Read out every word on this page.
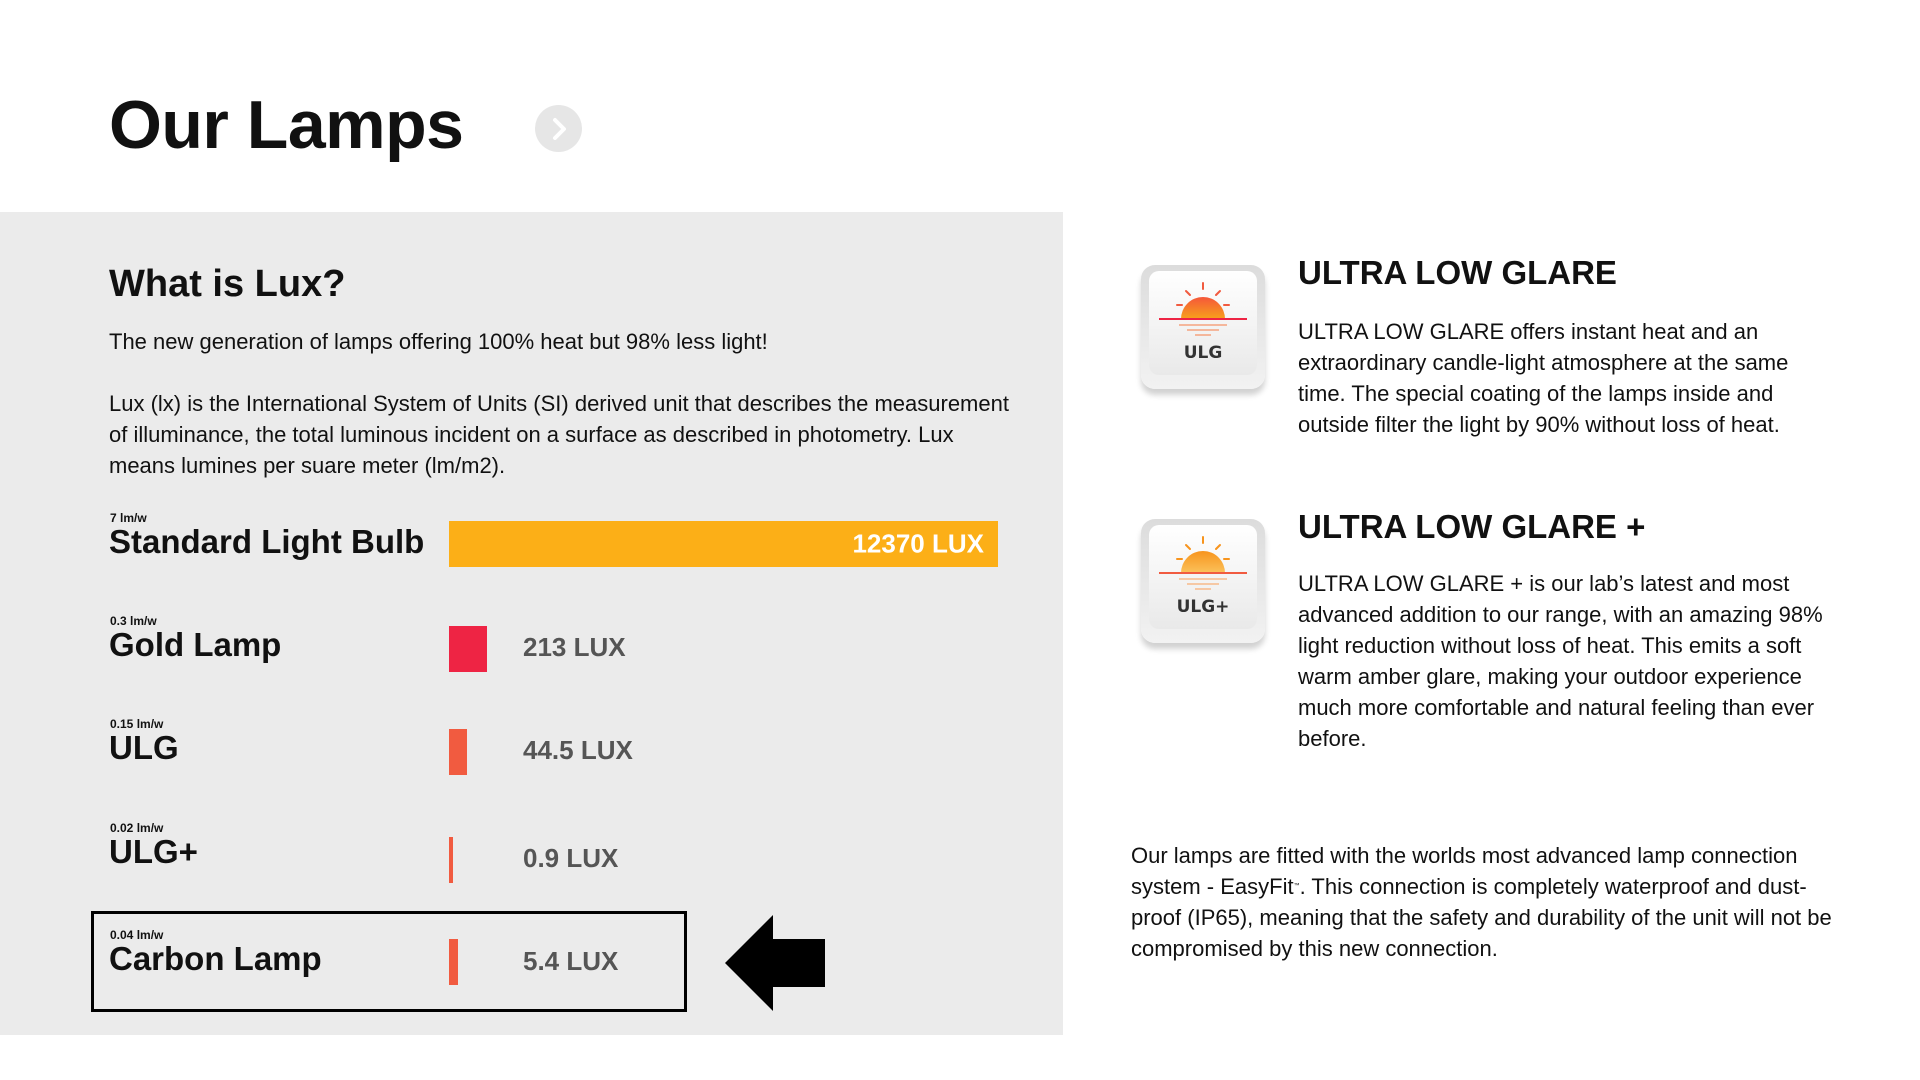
Our Lamps
What is Lux?

The new generation of lamps offering 100% heat but 98% less light!

Lux (lx) is the International System of Units (SI) derived unit that describes the measurement of illuminance, the total luminous incident on a surface as described in photometry. Lux means lumines per suare meter (lm/m2).

7 lm/w
Standard Light Bulb	12370 LUX
0.3 lm/w
Gold Lamp	213 LUX
0.15 lm/w
ULG	44.5 LUX
0.02 lm/w
ULG+	0.9 LUX
0.04 lm/w
Carbon Lamp	5.4 LUX
ULG
ULTRA LOW GLARE

ULTRA LOW GLARE offers instant heat and an extraordinary candle-light atmosphere at the same time. The special coating of the lamps inside and outside filter the light by 90% without loss of heat.

ULG+
ULTRA LOW GLARE +

ULTRA LOW GLARE + is our lab’s latest and most advanced addition to our range, with an amazing 98% light reduction without loss of heat. This emits a soft warm amber glare, making your outdoor experience much more comfortable and natural feeling than ever before.

Our lamps are fitted with the worlds most advanced lamp connection system - EasyFit™. This connection is completely waterproof and dust-proof (IP65), meaning that the safety and durability of the unit will not be compromised by this new connection.
